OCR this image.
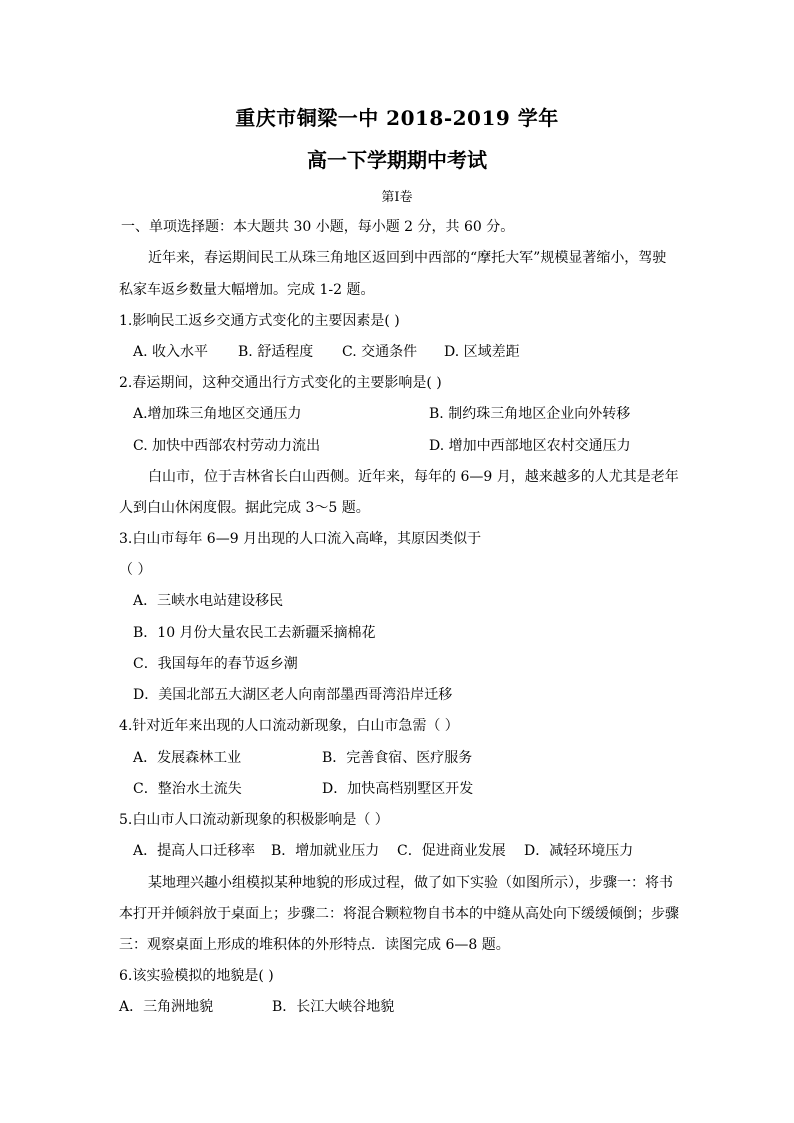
重庆市铜梁一中 2018-2019 学年
高一下学期期中考试
第Ⅰ卷
一、单项选择题：本大题共 30 小题，每小题 2 分，共 60 分。
近年来，春运期间民工从珠三角地区返回到中西部的“摩托大军”规模显著缩小，驾驶
私家车返乡数量大幅增加。完成 1-2 题。
1.影响民工返乡交通方式变化的主要因素是( )
A. 收入水平 B. 舒适程度 C. 交通条件 D. 区域差距
2.春运期间，这种交通出行方式变化的主要影响是( )
A.增加珠三角地区交通压力	B. 制约珠三角地区企业向外转移
C. 加快中西部农村劳动力流出	D. 增加中西部地区农村交通压力
白山市，位于吉林省长白山西侧。近年来，每年的 6—9 月，越来越多的人尤其是老年
人到白山休闲度假。据此完成 3～5 题。
3.白山市每年 6—9 月出现的人口流入高峰，其原因类似于
（ ）
A．三峡水电站建设移民
B．10 月份大量农民工去新疆采摘棉花
C．我国每年的春节返乡潮
D．美国北部五大湖区老人向南部墨西哥湾沿岸迁移
4.针对近年来出现的人口流动新现象，白山市急需（ ）
A．发展森林工业	B．完善食宿、医疗服务
C．整治水土流失	D．加快高档别墅区开发
5.白山市人口流动新现象的积极影响是（ ）
A．提高人口迁移率 B．增加就业压力 C．促进商业发展 D．减轻环境压力
某地理兴趣小组模拟某种地貌的形成过程，做了如下实验（如图所示），步骤一：将书
本打开并倾斜放于桌面上；步骤二：将混合颗粒物自书本的中缝从高处向下缓缓倾倒；步骤
三：观察桌面上形成的堆积体的外形特点．读图完成 6—8 题。
6.该实验模拟的地貌是( )
A．三角洲地貌	B．长江大峡谷地貌
